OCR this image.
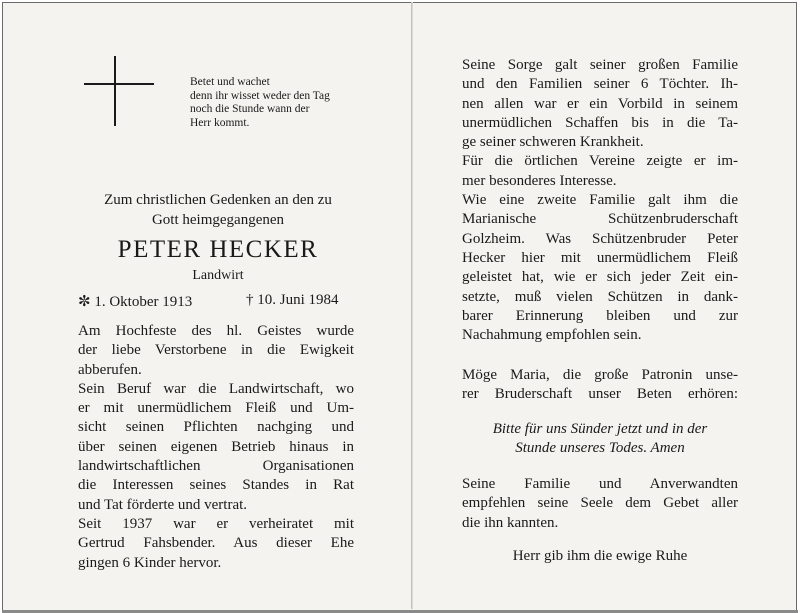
Betet und wachet
denn ihr wisset weder den Tag
noch die Stunde wann der
Herr kommt.
Zum christlichen Gedenken an den zu
Gott heimgegangenen
PETER HECKER
Landwirt
✼ 1. Oktober 1913	† 10. Juni 1984
Am Hochfeste des hl. Geistes wurde
der liebe Verstorbene in die Ewigkeit
abberufen.
Sein Beruf war die Landwirtschaft, wo
er mit unermüdlichem Fleiß und Um-
sicht seinen Pflichten nachging und
über seinen eigenen Betrieb hinaus in
landwirtschaftlichen Organisationen
die Interessen seines Standes in Rat
und Tat förderte und vertrat.
Seit 1937 war er verheiratet mit
Gertrud Fahsbender. Aus dieser Ehe
gingen 6 Kinder hervor.
Seine Sorge galt seiner großen Familie
und den Familien seiner 6 Töchter. Ih-
nen allen war er ein Vorbild in seinem
unermüdlichen Schaffen bis in die Ta-
ge seiner schweren Krankheit.
Für die örtlichen Vereine zeigte er im-
mer besonderes Interesse.
Wie eine zweite Familie galt ihm die
Marianische Schützenbruderschaft
Golzheim. Was Schützenbruder Peter
Hecker hier mit unermüdlichem Fleiß
geleistet hat, wie er sich jeder Zeit ein-
setzte, muß vielen Schützen in dank-
barer Erinnerung bleiben und zur
Nachahmung empfohlen sein.
Möge Maria, die große Patronin unse-
rer Bruderschaft unser Beten erhören:
Bitte für uns Sünder jetzt und in der
Stunde unseres Todes. Amen
Seine Familie und Anverwandten
empfehlen seine Seele dem Gebet aller
die ihn kannten.
Herr gib ihm die ewige Ruhe
